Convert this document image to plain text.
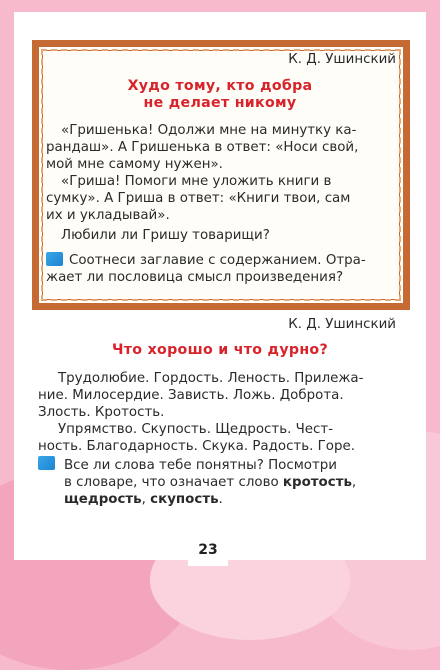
К. Д. Ушинский
Худо тому, кто добра
не делает никому
«Гришенька! Одолжи мне на минутку ка-
рандаш». А Гришенька в ответ: «Носи свой,
мой мне самому нужен».
«Гриша! Помоги мне уложить книги в
сумку». А Гриша в ответ: «Книги твои, сам
их и укладывай».
Любили ли Гришу товарищи?
Соотнеси заглавие с содержанием. Отра-
жает ли пословица смысл произведения?
К. Д. Ушинский
Что хорошо и что дурно?
Трудолюбие. Гордость. Леность. Прилежа-
ние. Милосердие. Зависть. Ложь. Доброта.
Злость. Кротость.
Упрямство. Скупость. Щедрость. Чест-
ность. Благодарность. Скука. Радость. Горе.
Все ли слова тебе понятны? Посмотри
в словаре, что означает слово кротость,
щедрость, скупость.
23
